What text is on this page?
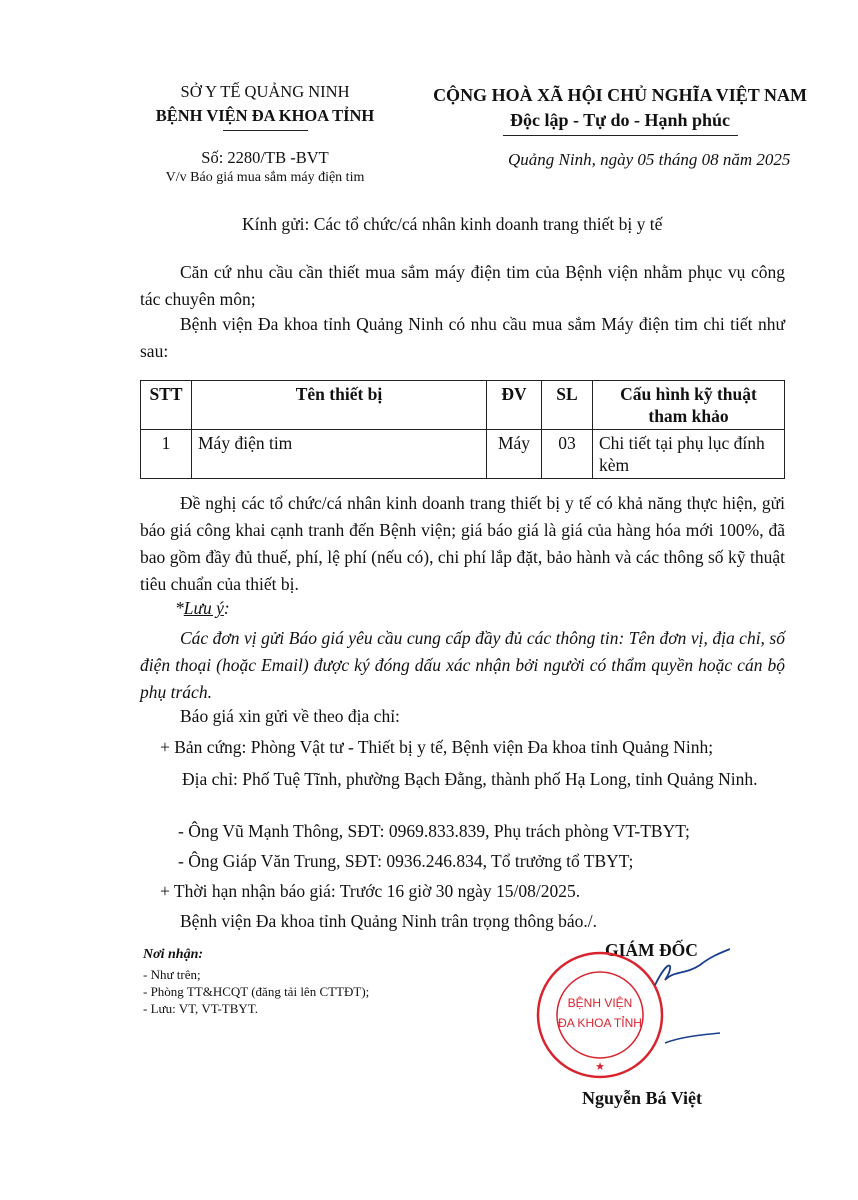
SỞ Y TẾ QUẢNG NINH
BỆNH VIỆN ĐA KHOA TỈNH
CỘNG HOÀ XÃ HỘI CHỦ NGHĨA VIỆT NAM
Độc lập - Tự do - Hạnh phúc
Số: 2280/TB -BVT
V/v Báo giá mua sắm máy điện tim
Quảng Ninh, ngày 05 tháng 08 năm 2025
Kính gửi: Các tổ chức/cá nhân kinh doanh trang thiết bị y tế
Căn cứ nhu cầu cần thiết mua sắm máy điện tim của Bệnh viện nhằm phục vụ công tác chuyên môn;
Bệnh viện Đa khoa tỉnh Quảng Ninh có nhu cầu mua sắm Máy điện tim chi tiết như sau:
STT	Tên thiết bị	ĐV	SL	Cấu hình kỹ thuật tham khảo
1	Máy điện tim	Máy	03	Chi tiết tại phụ lục đính kèm
Đề nghị các tổ chức/cá nhân kinh doanh trang thiết bị y tế có khả năng thực hiện, gửi báo giá công khai cạnh tranh đến Bệnh viện; giá báo giá là giá của hàng hóa mới 100%, đã bao gồm đầy đủ thuế, phí, lệ phí (nếu có), chi phí lắp đặt, bảo hành và các thông số kỹ thuật tiêu chuẩn của thiết bị.
*Lưu ý:
Các đơn vị gửi Báo giá yêu cầu cung cấp đầy đủ các thông tin: Tên đơn vị, địa chỉ, số điện thoại (hoặc Email) được ký đóng dấu xác nhận bởi người có thẩm quyền hoặc cán bộ phụ trách.
Báo giá xin gửi về theo địa chỉ:
+ Bản cứng: Phòng Vật tư - Thiết bị y tế, Bệnh viện Đa khoa tỉnh Quảng Ninh;
Địa chỉ: Phố Tuệ Tĩnh, phường Bạch Đằng, thành phố Hạ Long, tỉnh Quảng Ninh.
- Ông Vũ Mạnh Thông, SĐT: 0969.833.839, Phụ trách phòng VT-TBYT;
- Ông Giáp Văn Trung, SĐT: 0936.246.834, Tổ trưởng tổ TBYT;
+ Thời hạn nhận báo giá: Trước 16 giờ 30 ngày 15/08/2025.
Bệnh viện Đa khoa tỉnh Quảng Ninh trân trọng thông báo./.
Nơi nhận:
- Như trên;
- Phòng TT&HCQT (đăng tải lên CTTĐT);
- Lưu: VT, VT-TBYT.
GIÁM ĐỐC
BỆNH VIỆN
ĐA KHOA TỈNH
★
Nguyễn Bá Việt
